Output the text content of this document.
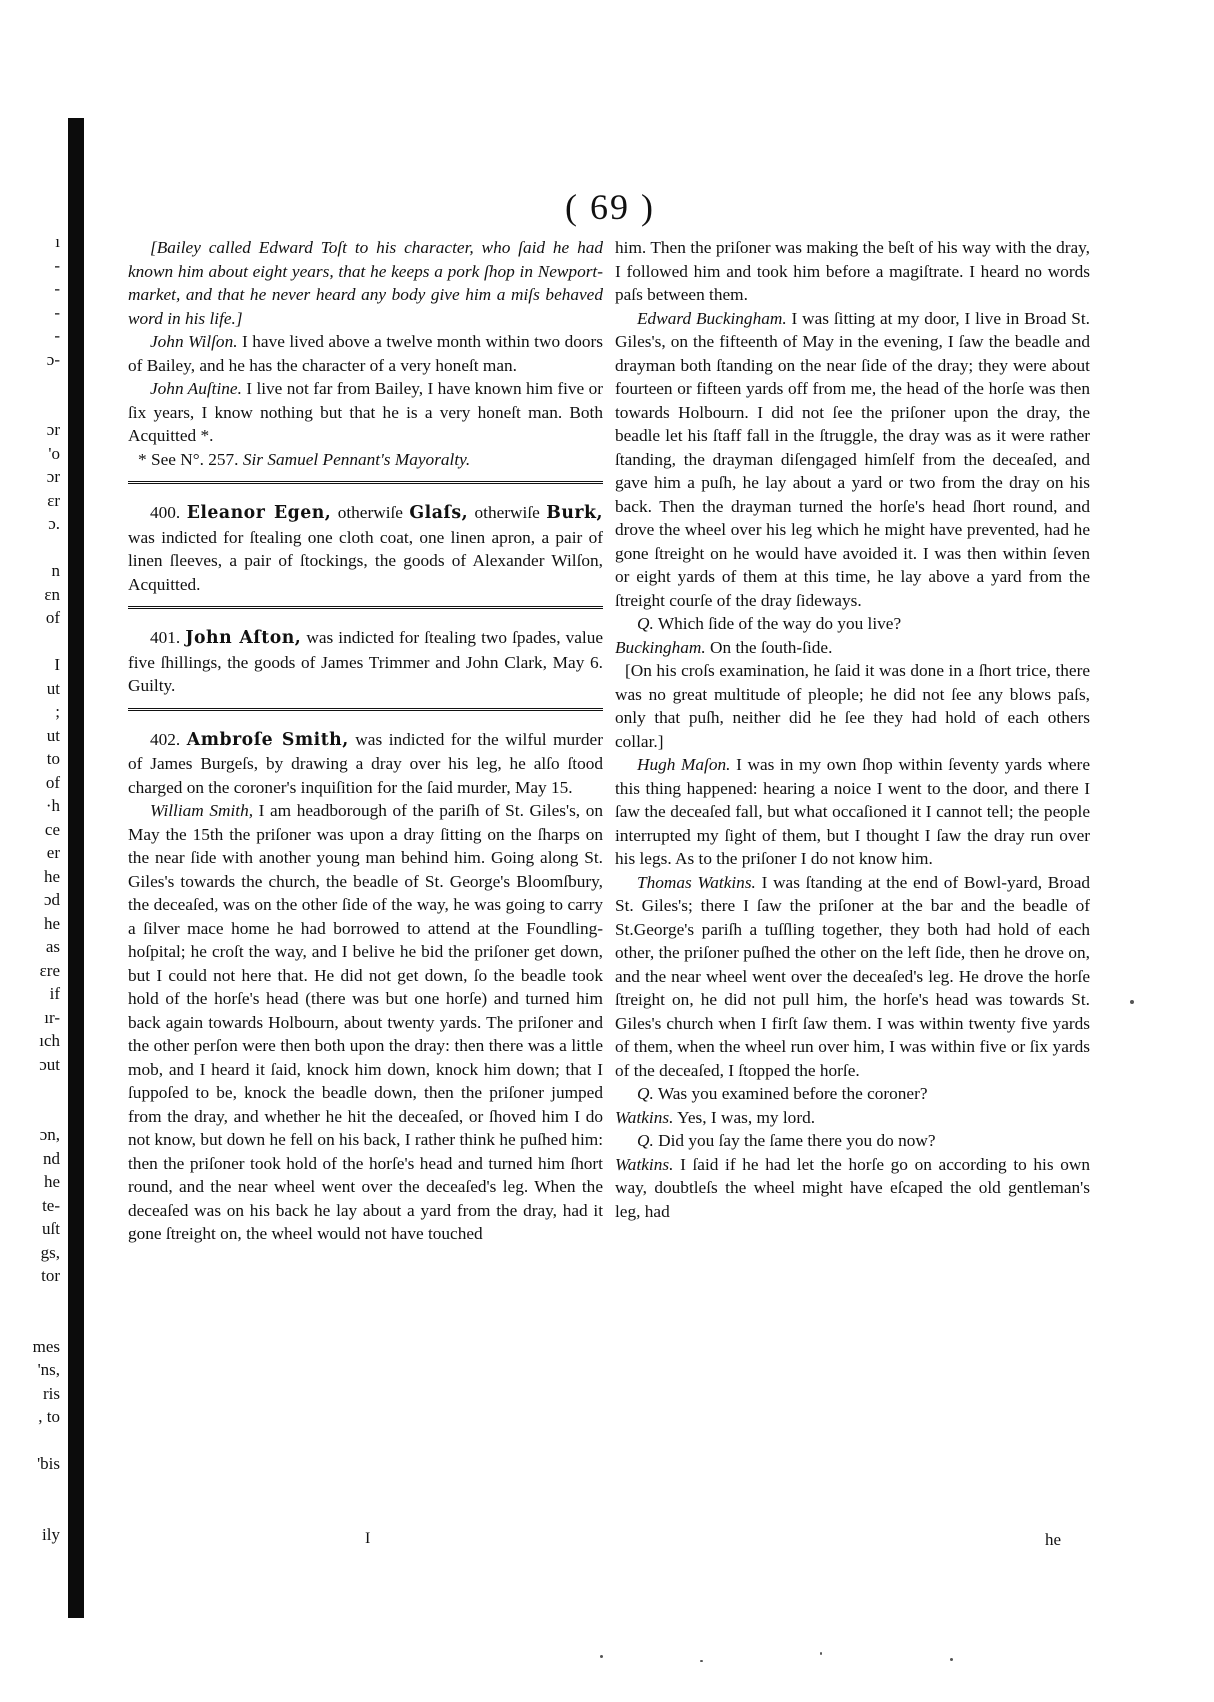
ı
-
-
-
-
ɔ-

ɔr
'o
ɔr
ɛr
ɔ.

n
ɛn
of

I
ut
;
ut
to
of
·h
ce
er
he
ɔd
he
as
ɛre
if
ır-
ıch
ɔut

ɔn,
nd
he
te-
uſt
gs,
tor

mes
'ns,
ris
, to

'bis

ily
( 69 )

[Bailey called Edward Toſt to his character, who ſaid he had known him about eight years, that he keeps a pork ſhop in Newport-market, and that he never heard any body give him a miſs behaved word in his life.]

John Wilſon. I have lived above a twelve month within two doors of Bailey, and he has the character of a very honeſt man.

John Auſtine. I live not far from Bailey, I have known him five or ſix years, I know nothing but that he is a very honeſt man. Both Acquitted *.

* See N°. 257. Sir Samuel Pennant's Mayoralty.

400. Eleanor Egen, otherwiſe Glaſs, otherwiſe Burk, was indicted for ſtealing one cloth coat, one linen apron, a pair of linen ſleeves, a pair of ſtockings, the goods of Alexander Wilſon, Acquitted.

401. John Aſton, was indicted for ſtealing two ſpades, value five ſhillings, the goods of James Trimmer and John Clark, May 6. Guilty.

402. Ambroſe Smith, was indicted for the wilful murder of James Burgeſs, by drawing a dray over his leg, he alſo ſtood charged on the coroner's inquiſition for the ſaid murder, May 15.

William Smith, I am headborough of the pariſh of St. Giles's, on May the 15th the priſoner was upon a dray ſitting on the ſharps on the near ſide with another young man behind him. Going along St. Giles's towards the church, the beadle of St. George's Bloomſbury, the deceaſed, was on the other ſide of the way, he was going to carry a ſilver mace home he had borrowed to attend at the Foundling-hoſpital; he croſt the way, and I belive he bid the priſoner get down, but I could not here that. He did not get down, ſo the beadle took hold of the horſe's head (there was but one horſe) and turned him back again towards Holbourn, about twenty yards. The priſoner and the other perſon were then both upon the dray: then there was a little mob, and I heard it ſaid, knock him down, knock him down; that I ſuppoſed to be, knock the beadle down, then the priſoner jumped from the dray, and whether he hit the deceaſed, or ſhoved him I do not know, but down he fell on his back, I rather think he puſhed him: then the priſoner took hold of the horſe's head and turned him ſhort round, and the near wheel went over the deceaſed's leg. When the deceaſed was on his back he lay about a yard from the dray, had it gone ſtreight on, the wheel would not have touched

him. Then the priſoner was making the beſt of his way with the dray, I followed him and took him before a magiſtrate. I heard no words paſs between them.

Edward Buckingham. I was ſitting at my door, I live in Broad St. Giles's, on the fifteenth of May in the evening, I ſaw the beadle and drayman both ſtanding on the near ſide of the dray; they were about fourteen or fifteen yards off from me, the head of the horſe was then towards Holbourn. I did not ſee the priſoner upon the dray, the beadle let his ſtaff fall in the ſtruggle, the dray was as it were rather ſtanding, the drayman diſengaged himſelf from the deceaſed, and gave him a puſh, he lay about a yard or two from the dray on his back. Then the drayman turned the horſe's head ſhort round, and drove the wheel over his leg which he might have prevented, had he gone ſtreight on he would have avoided it. I was then within ſeven or eight yards of them at this time, he lay above a yard from the ſtreight courſe of the dray ſideways.

Q. Which ſide of the way do you live?

Buckingham. On the ſouth-ſide.

[On his croſs examination, he ſaid it was done in a ſhort trice, there was no great multitude of pleople; he did not ſee any blows paſs, only that puſh, neither did he ſee they had hold of each others collar.]

Hugh Maſon. I was in my own ſhop within ſeventy yards where this thing happened: hearing a noice I went to the door, and there I ſaw the deceaſed fall, but what occaſioned it I cannot tell; the people interrupted my ſight of them, but I thought I ſaw the dray run over his legs. As to the priſoner I do not know him.

Thomas Watkins. I was ſtanding at the end of Bowl-yard, Broad St. Giles's; there I ſaw the priſoner at the bar and the beadle of St.George's pariſh a tuſſling together, they both had hold of each other, the priſoner puſhed the other on the left ſide, then he drove on, and the near wheel went over the deceaſed's leg. He drove the horſe ſtreight on, he did not pull him, the horſe's head was towards St. Giles's church when I firſt ſaw them. I was within twenty five yards of them, when the wheel run over him, I was within five or ſix yards of the deceaſed, I ſtopped the horſe.

Q. Was you examined before the coroner?

Watkins. Yes, I was, my lord.

Q. Did you ſay the ſame there you do now?

Watkins. I ſaid if he had let the horſe go on according to his own way, doubtleſs the wheel might have eſcaped the old gentleman's leg, had

I	he
